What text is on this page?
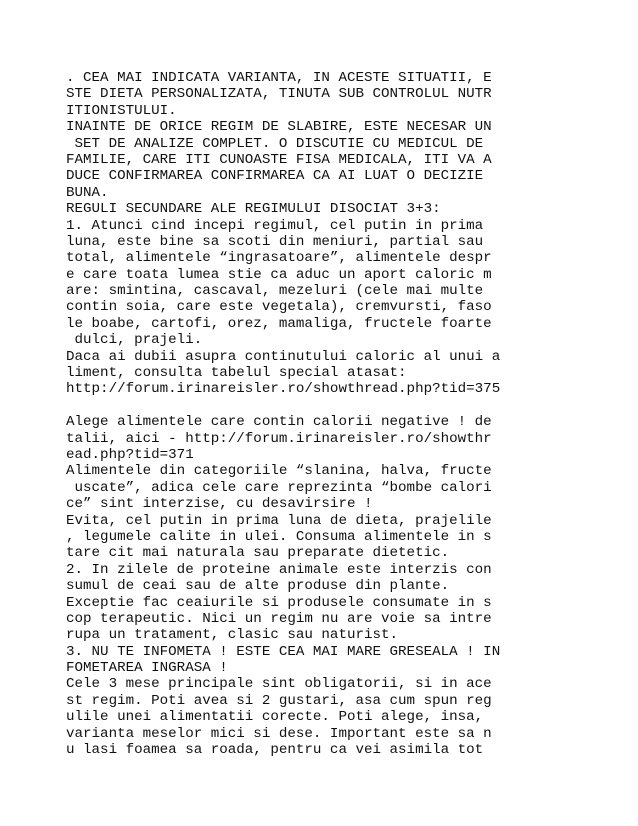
. CEA MAI INDICATA VARIANTA, IN ACESTE SITUATII, E
STE DIETA PERSONALIZATA, TINUTA SUB CONTROLUL NUTR
ITIONISTULUI.
INAINTE DE ORICE REGIM DE SLABIRE, ESTE NECESAR UN
SET DE ANALIZE COMPLET. O DISCUTIE CU MEDICUL DE
FAMILIE, CARE ITI CUNOASTE FISA MEDICALA, ITI VA A
DUCE CONFIRMAREA CONFIRMAREA CA AI LUAT O DECIZIE
BUNA.
REGULI SECUNDARE ALE REGIMULUI DISOCIAT 3+3:
1. Atunci cind incepi regimul, cel putin in prima
luna, este bine sa scoti din meniuri, partial sau
total, alimentele “ingrasatoare”, alimentele despr
e care toata lumea stie ca aduc un aport caloric m
are: smintina, cascaval, mezeluri (cele mai multe
contin soia, care este vegetala), cremvursti, faso
le boabe, cartofi, orez, mamaliga, fructele foarte
dulci, prajeli.
Daca ai dubii asupra continutului caloric al unui a
liment, consulta tabelul special atasat:
http://forum.irinareisler.ro/showthread.php?tid=375
Alege alimentele care contin calorii negative ! de
talii, aici - http://forum.irinareisler.ro/showthr
ead.php?tid=371
Alimentele din categoriile “slanina, halva, fructe
uscate”, adica cele care reprezinta “bombe calori
ce” sint interzise, cu desavirsire !
Evita, cel putin in prima luna de dieta, prajelile
, legumele calite in ulei. Consuma alimentele in s
tare cit mai naturala sau preparate dietetic.
2. In zilele de proteine animale este interzis con
sumul de ceai sau de alte produse din plante.
Exceptie fac ceaiurile si produsele consumate in s
cop terapeutic. Nici un regim nu are voie sa intre
rupa un tratament, clasic sau naturist.
3. NU TE INFOMETA ! ESTE CEA MAI MARE GRESEALA ! IN
FOMETAREA INGRASA !
Cele 3 mese principale sint obligatorii, si in ace
st regim. Poti avea si 2 gustari, asa cum spun reg
ulile unei alimentatii corecte. Poti alege, insa,
varianta meselor mici si dese. Important este sa n
u lasi foamea sa roada, pentru ca vei asimila tot
